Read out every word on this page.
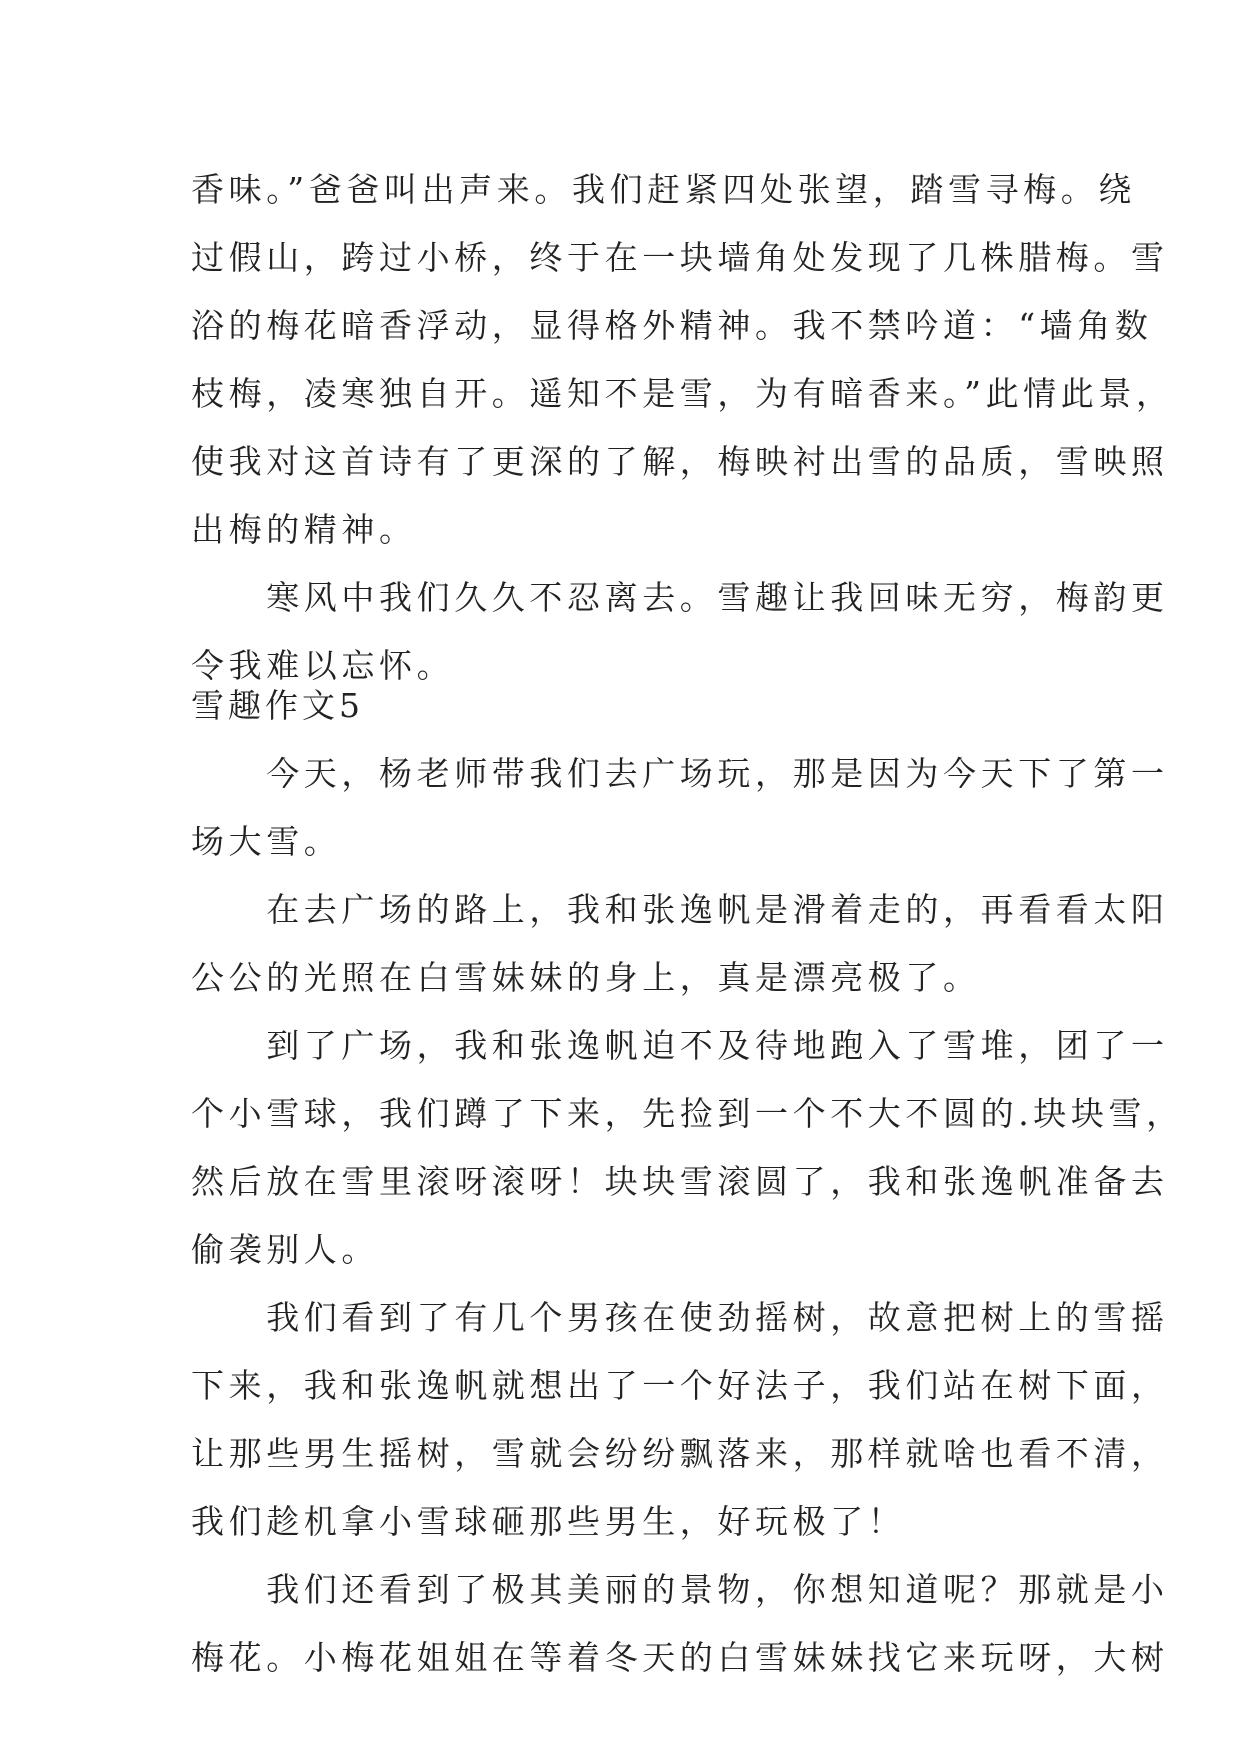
香味。”爸爸叫出声来。我们赶紧四处张望，踏雪寻梅。绕
过假山，跨过小桥，终于在一块墙角处发现了几株腊梅。雪
浴的梅花暗香浮动，显得格外精神。我不禁吟道：“墙角数
枝梅，凌寒独自开。遥知不是雪，为有暗香来。”此情此景，
使我对这首诗有了更深的了解，梅映衬出雪的品质，雪映照
出梅的精神。
　　寒风中我们久久不忍离去。雪趣让我回味无穷，梅韵更
令我难以忘怀。
雪趣作文5
　　今天，杨老师带我们去广场玩，那是因为今天下了第一
场大雪。
　　在去广场的路上，我和张逸帆是滑着走的，再看看太阳
公公的光照在白雪妹妹的身上，真是漂亮极了。
　　到了广场，我和张逸帆迫不及待地跑入了雪堆，团了一
个小雪球，我们蹲了下来，先捡到一个不大不圆的.块块雪，
然后放在雪里滚呀滚呀！块块雪滚圆了，我和张逸帆准备去
偷袭别人。
　　我们看到了有几个男孩在使劲摇树，故意把树上的雪摇
下来，我和张逸帆就想出了一个好法子，我们站在树下面，
让那些男生摇树，雪就会纷纷飘落来，那样就啥也看不清，
我们趁机拿小雪球砸那些男生，好玩极了！
　　我们还看到了极其美丽的景物，你想知道呢？那就是小
梅花。小梅花姐姐在等着冬天的白雪妹妹找它来玩呀，大树
